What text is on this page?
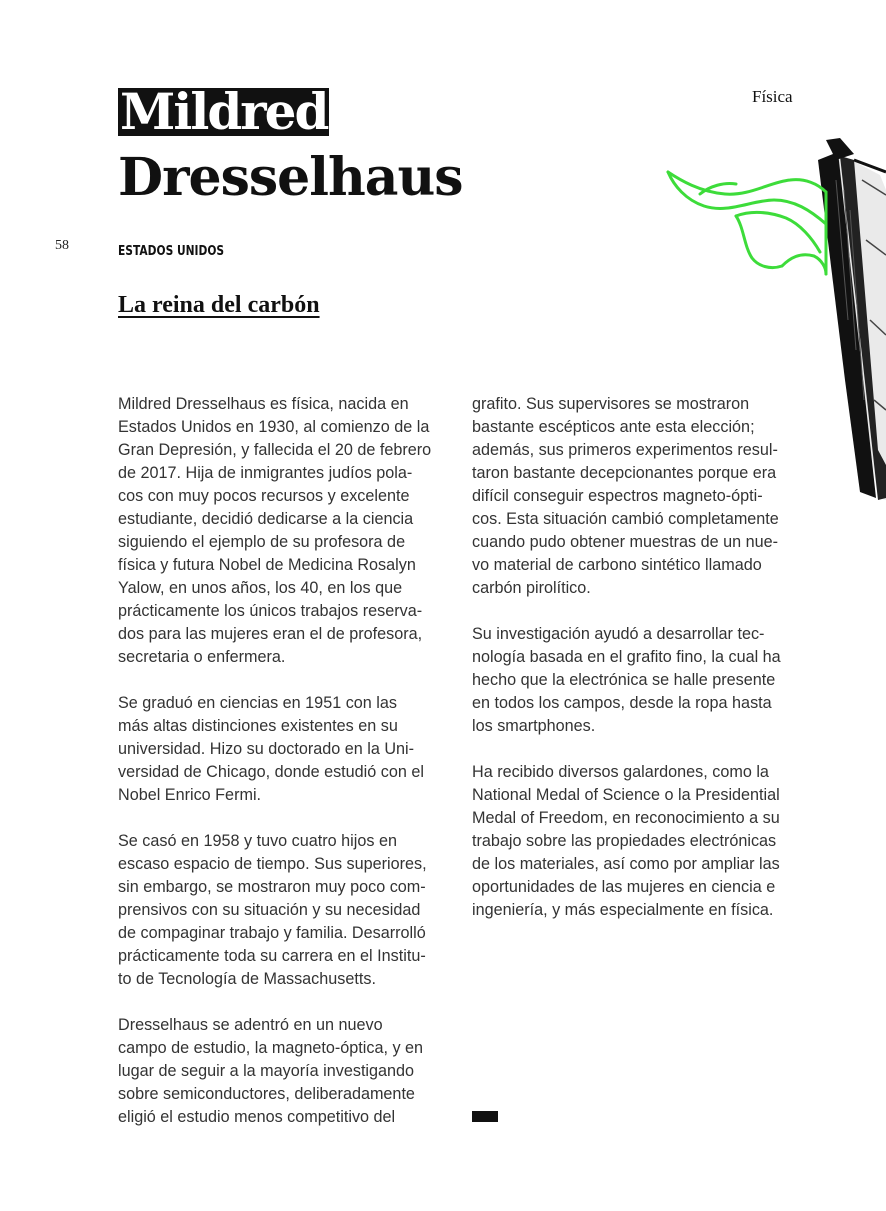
Física
58
Mildred
Dresselhaus
ESTADOS UNIDOS
La reina del carbón
Mildred Dresselhaus es física, nacida en
Estados Unidos en 1930, al comienzo de la
Gran Depresión, y fallecida el 20 de febrero
de 2017. Hija de inmigrantes judíos pola-
cos con muy pocos recursos y excelente
estudiante, decidió dedicarse a la ciencia
siguiendo el ejemplo de su profesora de
física y futura Nobel de Medicina Rosalyn
Yalow, en unos años, los 40, en los que
prácticamente los únicos trabajos reserva-
dos para las mujeres eran el de profesora,
secretaria o enfermera.
Se graduó en ciencias en 1951 con las
más altas distinciones existentes en su
universidad. Hizo su doctorado en la Uni-
versidad de Chicago, donde estudió con el
Nobel Enrico Fermi.
Se casó en 1958 y tuvo cuatro hijos en
escaso espacio de tiempo. Sus superiores,
sin embargo, se mostraron muy poco com-
prensivos con su situación y su necesidad
de compaginar trabajo y familia. Desarrolló
prácticamente toda su carrera en el Institu-
to de Tecnología de Massachusetts.
Dresselhaus se adentró en un nuevo
campo de estudio, la magneto-óptica, y en
lugar de seguir a la mayoría investigando
sobre semiconductores, deliberadamente
eligió el estudio menos competitivo del
grafito. Sus supervisores se mostraron
bastante escépticos ante esta elección;
además, sus primeros experimentos resul-
taron bastante decepcionantes porque era
difícil conseguir espectros magneto-ópti-
cos. Esta situación cambió completamente
cuando pudo obtener muestras de un nue-
vo material de carbono sintético llamado
carbón pirolítico.
Su investigación ayudó a desarrollar tec-
nología basada en el grafito fino, la cual ha
hecho que la electrónica se halle presente
en todos los campos, desde la ropa hasta
los smartphones.
Ha recibido diversos galardones, como la
National Medal of Science o la Presidential
Medal of Freedom, en reconocimiento a su
trabajo sobre las propiedades electrónicas
de los materiales, así como por ampliar las
oportunidades de las mujeres en ciencia e
ingeniería, y más especialmente en física.
